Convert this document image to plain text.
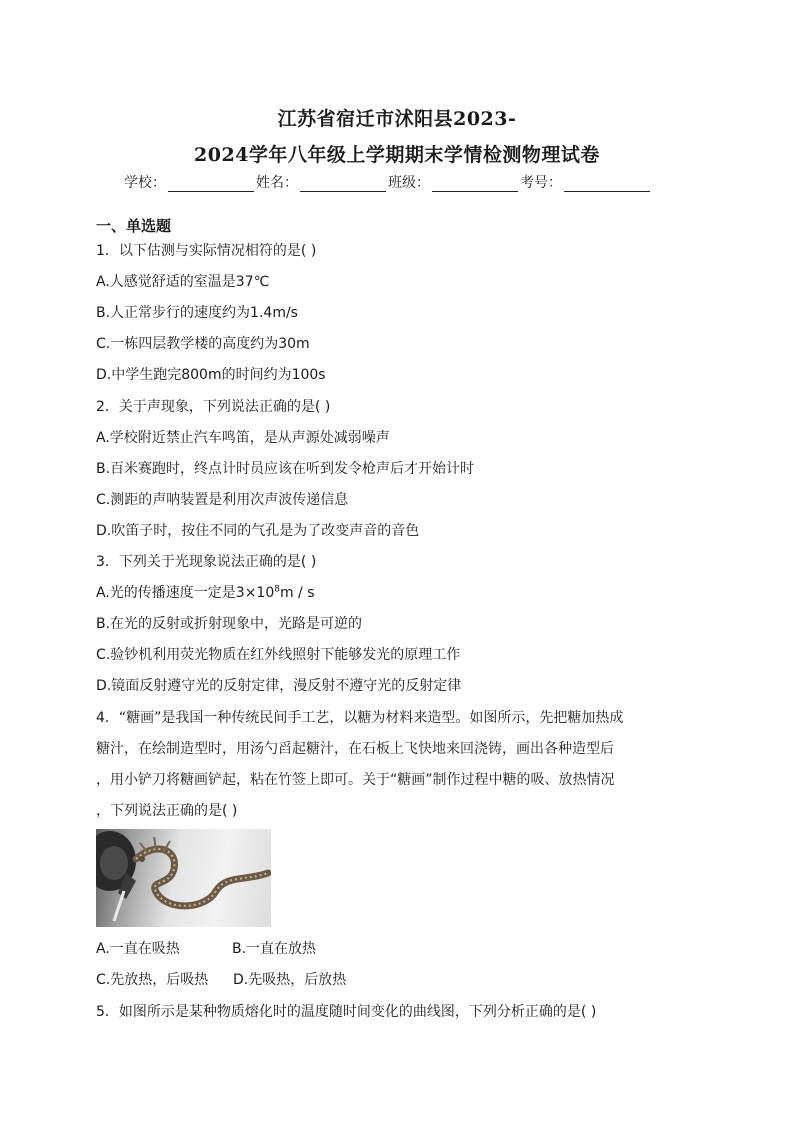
江苏省宿迁市沭阳县2023-
2024学年八年级上学期期末学情检测物理试卷
学校：	姓名：	班级：	考号：
一、单选题
1．以下估测与实际情况相符的是( )
A.人感觉舒适的室温是37℃
B.人正常步行的速度约为1.4m/s
C.一栋四层教学楼的高度约为30m
D.中学生跑完800m的时间约为100s
2．关于声现象，下列说法正确的是( )
A.学校附近禁止汽车鸣笛，是从声源处减弱噪声
B.百米赛跑时，终点计时员应该在听到发令枪声后才开始计时
C.测距的声呐装置是利用次声波传递信息
D.吹笛子时，按住不同的气孔是为了改变声音的音色
3．下列关于光现象说法正确的是( )
A.光的传播速度一定是$3\times 10^8m / s$
B.在光的反射或折射现象中，光路是可逆的
C.验钞机利用荧光物质在红外线照射下能够发光的原理工作
D.镜面反射遵守光的反射定律，漫反射不遵守光的反射定律
4．“糖画”是我国一种传统民间手工艺，以糖为材料来造型。如图所示，先把糖加热成
糖汁，在绘制造型时，用汤勺舀起糖汁，在石板上飞快地来回浇铸，画出各种造型后
，用小铲刀将糖画铲起，粘在竹签上即可。关于“糖画”制作过程中糖的吸、放热情况
，下列说法正确的是( )
A.一直在吸热	B.一直在放热
C.先放热，后吸热 D.先吸热，后放热
5．如图所示是某种物质熔化时的温度随时间变化的曲线图，下列分析正确的是( )
